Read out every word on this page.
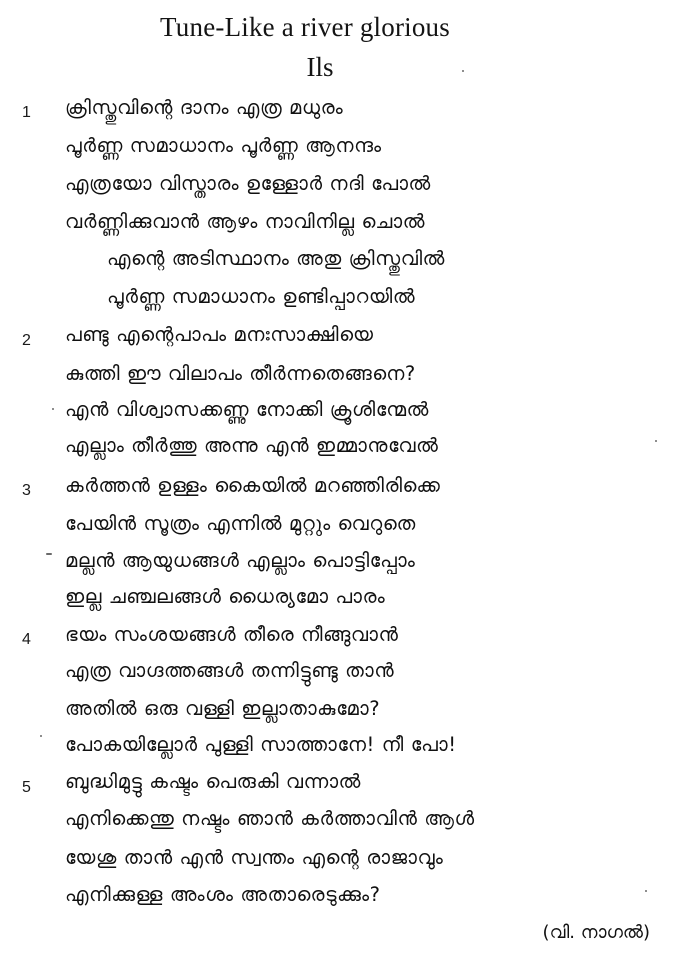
Tune-Like a river glorious
Ils
1 ക്രിസ്തുവിന്റെ ദാനം എത്ര മധുരം
പൂർണ്ണ സമാധാനം പൂർണ്ണ ആനന്ദം
എത്രയോ വിസ്താരം ഉള്ളോർ നദി പോൽ
വർണ്ണിക്കുവാൻ ആഴം നാവിനില്ല ചൊൽ
എന്റെ അടിസ്ഥാനം അതു ക്രിസ്തുവിൽ
പൂർണ്ണ സമാധാനം ഉണ്ടിപ്പാറയിൽ
2 പണ്ടു എന്റെപാപം മനഃസാക്ഷിയെ
കുത്തി ഈ വിലാപം തീർന്നതെങ്ങനെ?
എൻ വിശ്വാസക്കണ്ണു നോക്കി ക്രൂശിന്മേൽ
എല്ലാം തീർത്തു അന്നു എൻ ഇമ്മാനുവേൽ
3 കർത്തൻ ഉള്ളം കൈയിൽ മറഞ്ഞിരിക്കെ
പേയിൻ സൂത്രം എന്നിൽ മുറ്റും വെറുതെ
മല്ലൻ ആയുധങ്ങൾ എല്ലാം പൊട്ടിപ്പോം
ഇല്ല ചഞ്ചലങ്ങൾ ധൈര്യമോ പാരം
4 ഭയം സംശയങ്ങൾ തീരെ നീങ്ങുവാൻ
എത്ര വാഗ്ദത്തങ്ങൾ തന്നിട്ടുണ്ടു താൻ
അതിൽ ഒരു വള്ളി ഇല്ലാതാകുമോ?
പോകയില്ലോർ പുള്ളി സാത്താനേ! നീ പോ!
5 ബുദ്ധിമുട്ടു കഷ്ടം പെരുകി വന്നാൽ
എനിക്കെന്തു നഷ്ടം ഞാൻ കർത്താവിൻ ആൾ
യേശു താൻ എൻ സ്വന്തം എന്റെ രാജാവും
എനിക്കുള്ള അംശം അതാരെടുക്കും?
(വി. നാഗൽ)
